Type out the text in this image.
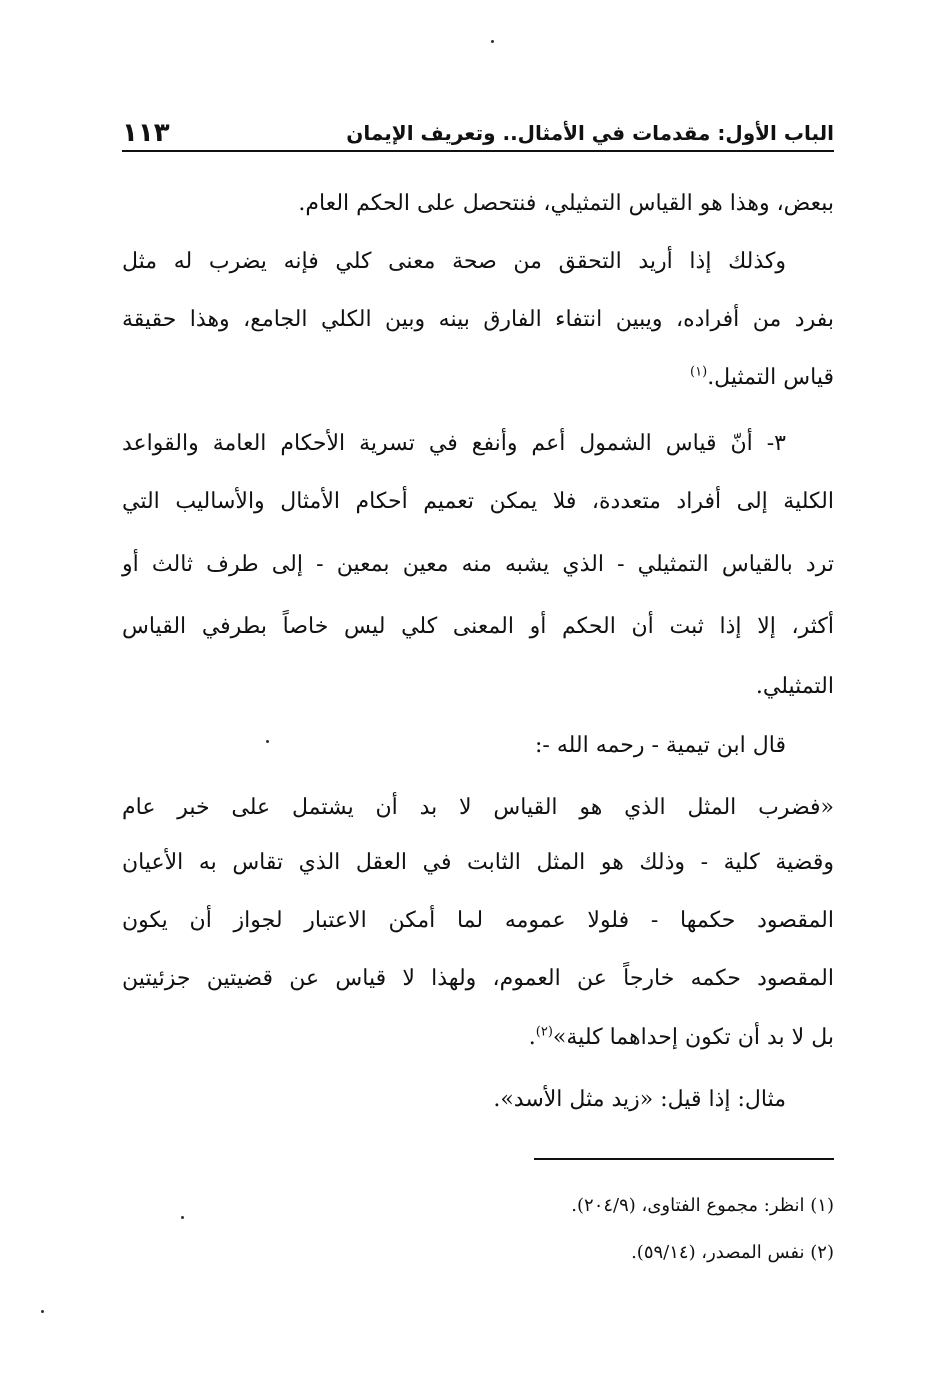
الباب الأول: مقدمات في الأمثال.. وتعريف الإيمان
١١٣
ببعض، وهذا هو القياس التمثيلي، فنتحصل على الحكم العام.
وكذلك إذا أريد التحقق من صحة معنى كلي فإنه يضرب له مثل
بفرد من أفراده، ويبين انتفاء الفارق بينه وبين الكلي الجامع، وهذا حقيقة
قياس التمثيل.$^{(١)}$
٣- أنّ قياس الشمول أعم وأنفع في تسرية الأحكام العامة والقواعد
الكلية إلى أفراد متعددة، فلا يمكن تعميم أحكام الأمثال والأساليب التي
ترد بالقياس التمثيلي - الذي يشبه منه معين بمعين - إلى طرف ثالث أو
أكثر، إلا إذا ثبت أن الحكم أو المعنى كلي ليس خاصاً بطرفي القياس
التمثيلي.
قال ابن تيمية - رحمه الله -:
«فضرب المثل الذي هو القياس لا بد أن يشتمل على خبر عام
وقضية كلية - وذلك هو المثل الثابت في العقل الذي تقاس به الأعيان
المقصود حكمها - فلولا عمومه لما أمكن الاعتبار لجواز أن يكون
المقصود حكمه خارجاً عن العموم، ولهذا لا قياس عن قضيتين جزئيتين
بل لا بد أن تكون إحداهما كلية»$^{(٢)}$.
مثال: إذا قيل: «زيد مثل الأسد».
(١) انظر: مجموع الفتاوى، (٢٠٤/٩).
(٢) نفس المصدر، (٥٩/١٤).
